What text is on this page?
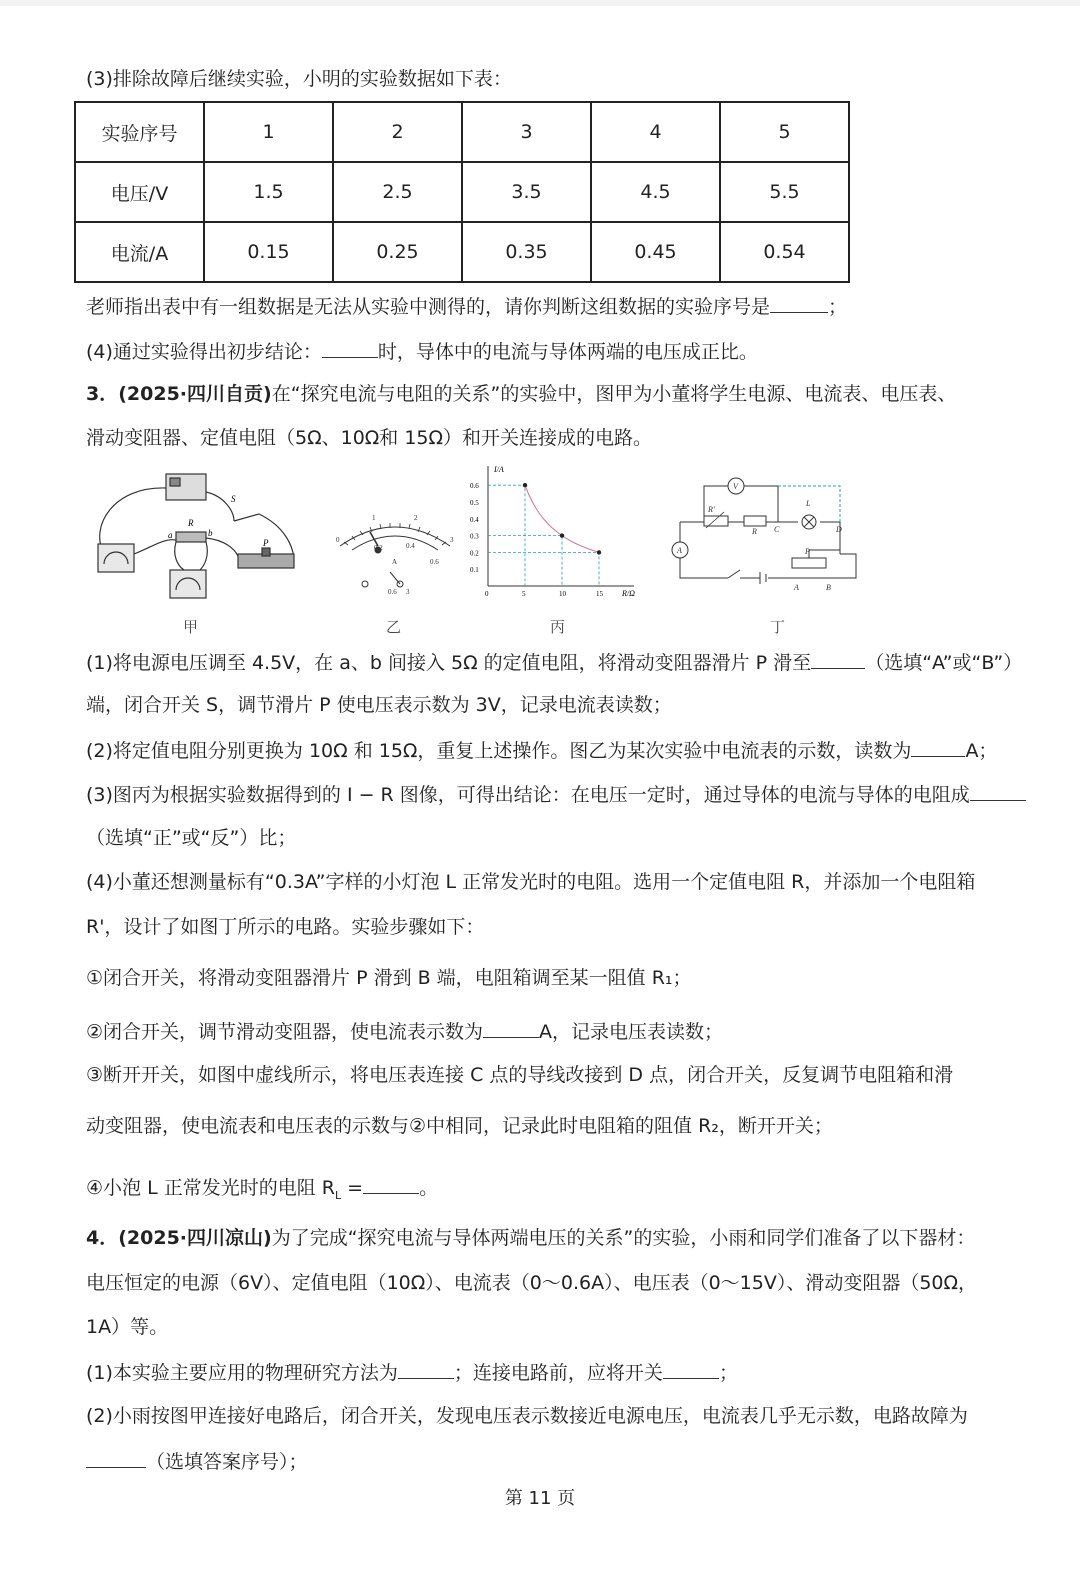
(3)排除故障后继续实验，小明的实验数据如下表：
实验序号	1	2	3	4	5
电压/V	1.5	2.5	3.5	4.5	5.5
电流/A	0.15	0.25	0.35	0.45	0.54
老师指出表中有一组数据是无法从实验中测得的，请你判断这组数据的实验序号是	；
(4)通过实验得出初步结论：	时，导体中的电流与导体两端的电压成正比。
3．(2025·四川自贡)在“探究电流与电阻的关系”的实验中，图甲为小董将学生电源、电流表、电压表、
滑动变阻器、定值电阻（5Ω、10Ω和 15Ω）和开关连接成的电路。
S
R
a	b
P	0
1	2
3
0.2	0.4
0.6
A
0.6 3
I/A
R/Ω
0.6
0.5
0.4
0.3
0.2
0.1
0	5	10	15
V
R'
R C
L
D
A	P
A	B
甲	乙	丙	丁
(1)将电源电压调至 4.5V，在 a、b 间接入 5Ω 的定值电阻，将滑动变阻器滑片 P 滑至	（选填“A”或“B”）
端，闭合开关 S，调节滑片 P 使电压表示数为 3V，记录电流表读数；
(2)将定值电阻分别更换为 10Ω 和 15Ω，重复上述操作。图乙为某次实验中电流表的示数，读数为	A；
(3)图丙为根据实验数据得到的 I − R 图像，可得出结论：在电压一定时，通过导体的电流与导体的电阻成
（选填“正”或“反”）比；
(4)小董还想测量标有“0.3A”字样的小灯泡 L 正常发光时的电阻。选用一个定值电阻 R，并添加一个电阻箱
R'，设计了如图丁所示的电路。实验步骤如下：
①闭合开关，将滑动变阻器滑片 P 滑到 B 端，电阻箱调至某一阻值 R₁；
②闭合开关，调节滑动变阻器，使电流表示数为	A，记录电压表读数；
③断开开关，如图中虚线所示，将电压表连接 C 点的导线改接到 D 点，闭合开关，反复调节电阻箱和滑
动变阻器，使电流表和电压表的示数与②中相同，记录此时电阻箱的阻值 R₂，断开开关；
④小泡 L 正常发光时的电阻 $R_L$ =	。
4．(2025·四川凉山)为了完成“探究电流与导体两端电压的关系”的实验，小雨和同学们准备了以下器材：
电压恒定的电源（6V）、定值电阻（10Ω）、电流表（0～0.6A）、电压表（0～15V）、滑动变阻器（50Ω，
1A）等。
(1)本实验主要应用的物理研究方法为	；连接电路前，应将开关	；
(2)小雨按图甲连接好电路后，闭合开关，发现电压表示数接近电源电压，电流表几乎无示数，电路故障为
（选填答案序号）；
第 11 页
